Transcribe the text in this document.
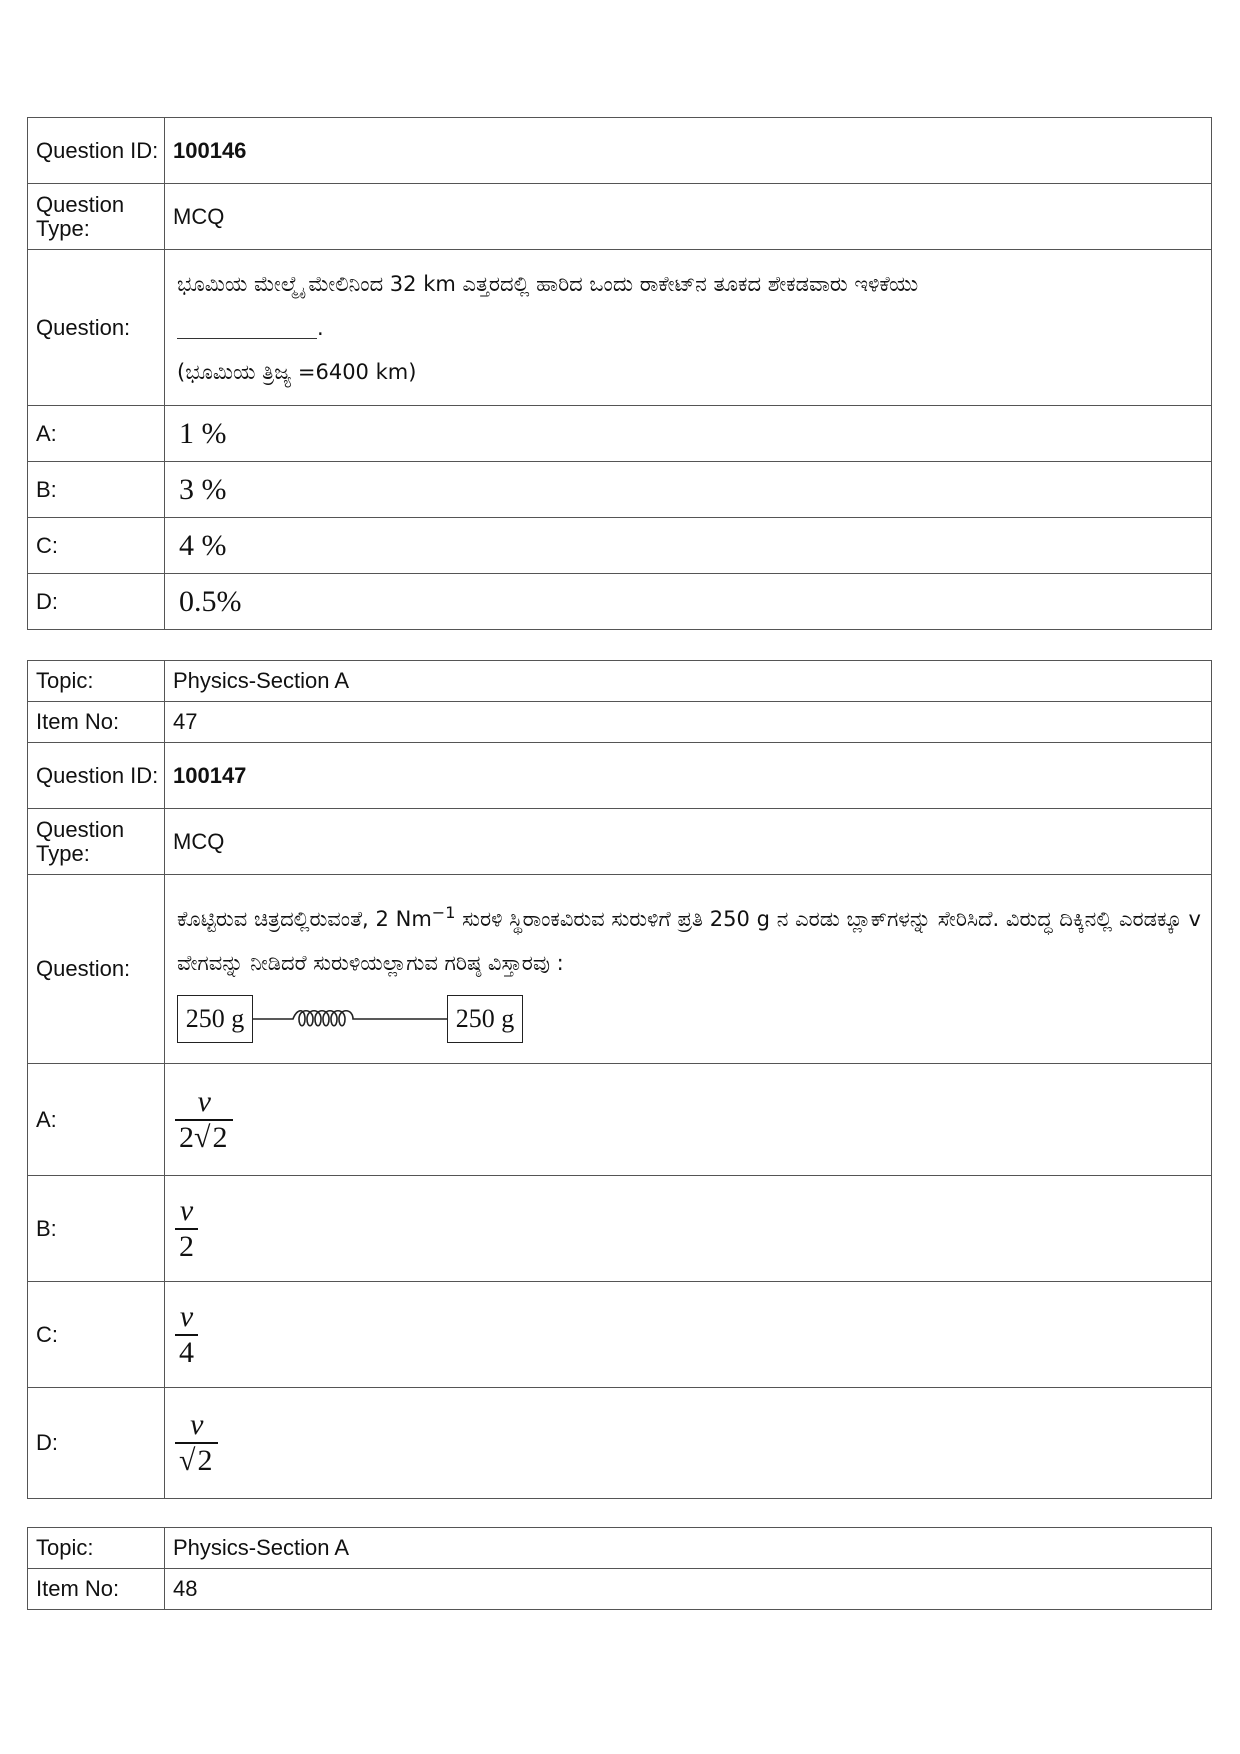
Question ID:	100146
Question Type:	MCQ
Question:	ಭೂಮಿಯ ಮೇಲ್ಮೈ ಮೇಲಿನಿಂದ 32 km ಎತ್ತರದಲ್ಲಿ ಹಾರಿದ ಒಂದು ರಾಕೇಟ್‌ನ ತೂಕದ ಶೇಕಡವಾರು ಇಳಿಕೆಯು
.
(ಭೂಮಿಯ ತ್ರಿಜ್ಯ =6400 km)

A:	1 %
B:	3 %
C:	4 %
D:	0.5%
Topic:	Physics-Section A
Item No:	47
Question ID:	100147
Question Type:	MCQ
Question:	ಕೊಟ್ಟಿರುವ ಚಿತ್ರದಲ್ಲಿರುವಂತೆ, 2 $Nm^{-1}$ ಸುರಳಿ ಸ್ಥಿರಾಂಕವಿರುವ ಸುರುಳಿಗೆ ಪ್ರತಿ 250 g ನ ಎರಡು ಬ್ಲಾಕ್‌ಗಳನ್ನು ಸೇರಿಸಿದೆ. ವಿರುದ್ಧ ದಿಕ್ಕಿನಲ್ಲಿ ಎರಡಕ್ಕೂ v ವೇಗವನ್ನು ನೀಡಿದರೆ ಸುರುಳಿಯಲ್ಲಾಗುವ ಗರಿಷ್ಠ ವಿಸ್ತಾರವು :
250 g 250 g

A:	$\frac{v}{2√2}$

B:	$\frac{v}{2}$

C:	$\frac{v}{4}$

D:	$\frac{v}{√2}$
Topic:	Physics-Section A
Item No:	48
